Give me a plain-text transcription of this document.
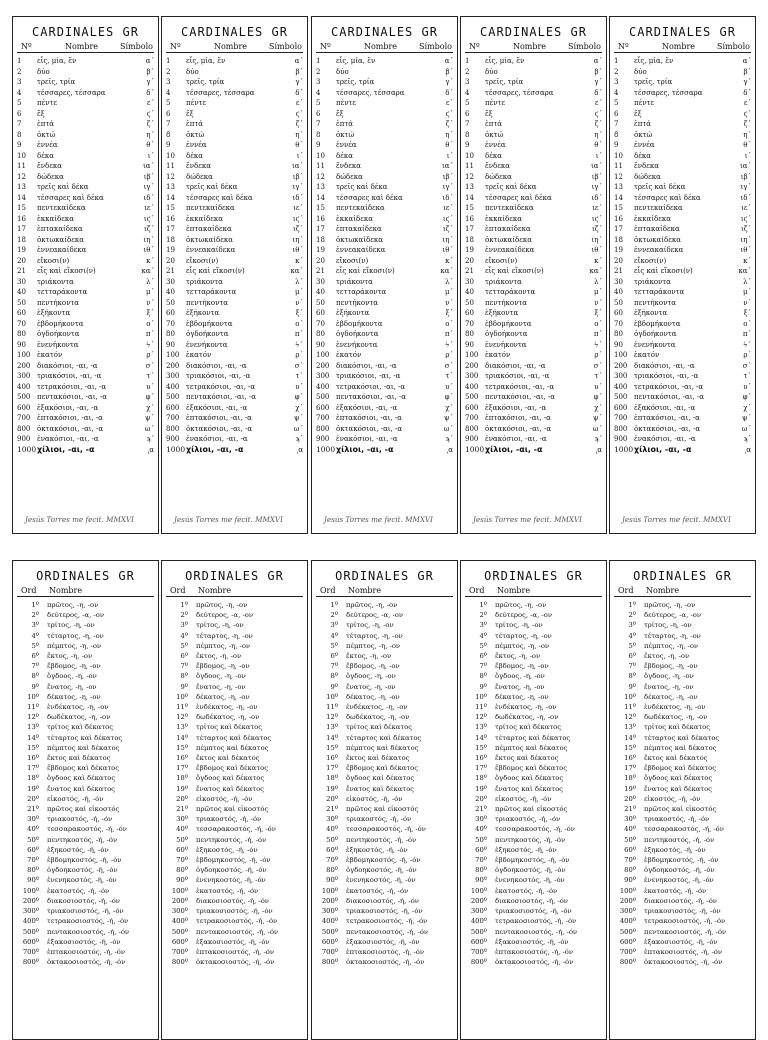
CARDINALES GR
Nº	Nombre	Símbolo
1	εἷς, μία, ἕν	α´
2	δύο	β´
3	τρεῖς, τρία	γ´
4	τέσσαρες, τέσσαρα	δ´
5	πέντε	ε´
6	ἕξ	ϛ´
7	ἑπτά	ζ´
8	ὀκτώ	η´
9	ἐννέα	θ´
10	δέκα	ι´
11	ἕνδεκα	ια´
12	δώδεκα	ιβ´
13	τρεῖς καὶ δέκα	ιγ´
14	τέσσαρες καὶ δέκα	ιδ´
15	πεντεκαίδεκα	ιε´
16	ἑκκαίδεκα	ιϛ´
17	ἑπτακαίδεκα	ιζ´
18	ὀκτωκαίδεκα	ιη´
19	ἐννεακαίδεκα	ιθ´
20	εἴκοσι(ν)	κ´
21	εἷς καὶ εἴκοσι(ν)	κα´
30	τριάκοντα	λ´
40	τετταράκοντα	μ´
50	πεντήκοντα	ν´
60	ἑξήκοντα	ξ´
70	ἑβδομήκοντα	ο´
80	ὀγδοήκοντα	π´
90	ἐνενήκοντα	ϟ´
100 ἑκατόν	ρ´
200 διακόσιοι, -αι, -α	σ´
300 τριακόσιοι, -αι, -α	τ´
400 τετρακόσιοι, -αι, -α	υ´
500 πεντακόσιοι, -αι, -α	φ´
600 ἑξακόσιοι, -αι, -α	χ´
700 ἑπτακόσιοι, -αι, -α	ψ´
800 ὀκτακόσιοι, -αι, -α	ω´
900 ἐνακόσιοι, -αι, -α	ϡ´
1000 χίλιοι, -αι, -α	͵α
Jesús Torres me fecit. MMXVI
CARDINALES GR
Nº	Nombre	Símbolo
1	εἷς, μία, ἕν	α´
2	δύο	β´
3	τρεῖς, τρία	γ´
4	τέσσαρες, τέσσαρα	δ´
5	πέντε	ε´
6	ἕξ	ϛ´
7	ἑπτά	ζ´
8	ὀκτώ	η´
9	ἐννέα	θ´
10	δέκα	ι´
11	ἕνδεκα	ια´
12	δώδεκα	ιβ´
13	τρεῖς καὶ δέκα	ιγ´
14	τέσσαρες καὶ δέκα	ιδ´
15	πεντεκαίδεκα	ιε´
16	ἑκκαίδεκα	ιϛ´
17	ἑπτακαίδεκα	ιζ´
18	ὀκτωκαίδεκα	ιη´
19	ἐννεακαίδεκα	ιθ´
20	εἴκοσι(ν)	κ´
21	εἷς καὶ εἴκοσι(ν)	κα´
30	τριάκοντα	λ´
40	τετταράκοντα	μ´
50	πεντήκοντα	ν´
60	ἑξήκοντα	ξ´
70	ἑβδομήκοντα	ο´
80	ὀγδοήκοντα	π´
90	ἐνενήκοντα	ϟ´
100 ἑκατόν	ρ´
200 διακόσιοι, -αι, -α	σ´
300 τριακόσιοι, -αι, -α	τ´
400 τετρακόσιοι, -αι, -α	υ´
500 πεντακόσιοι, -αι, -α	φ´
600 ἑξακόσιοι, -αι, -α	χ´
700 ἑπτακόσιοι, -αι, -α	ψ´
800 ὀκτακόσιοι, -αι, -α	ω´
900 ἐνακόσιοι, -αι, -α	ϡ´
1000 χίλιοι, -αι, -α	͵α
Jesús Torres me fecit. MMXVI
CARDINALES GR
Nº	Nombre	Símbolo
1	εἷς, μία, ἕν	α´
2	δύο	β´
3	τρεῖς, τρία	γ´
4	τέσσαρες, τέσσαρα	δ´
5	πέντε	ε´
6	ἕξ	ϛ´
7	ἑπτά	ζ´
8	ὀκτώ	η´
9	ἐννέα	θ´
10	δέκα	ι´
11	ἕνδεκα	ια´
12	δώδεκα	ιβ´
13	τρεῖς καὶ δέκα	ιγ´
14	τέσσαρες καὶ δέκα	ιδ´
15	πεντεκαίδεκα	ιε´
16	ἑκκαίδεκα	ιϛ´
17	ἑπτακαίδεκα	ιζ´
18	ὀκτωκαίδεκα	ιη´
19	ἐννεακαίδεκα	ιθ´
20	εἴκοσι(ν)	κ´
21	εἷς καὶ εἴκοσι(ν)	κα´
30	τριάκοντα	λ´
40	τετταράκοντα	μ´
50	πεντήκοντα	ν´
60	ἑξήκοντα	ξ´
70	ἑβδομήκοντα	ο´
80	ὀγδοήκοντα	π´
90	ἐνενήκοντα	ϟ´
100 ἑκατόν	ρ´
200 διακόσιοι, -αι, -α	σ´
300 τριακόσιοι, -αι, -α	τ´
400 τετρακόσιοι, -αι, -α	υ´
500 πεντακόσιοι, -αι, -α	φ´
600 ἑξακόσιοι, -αι, -α	χ´
700 ἑπτακόσιοι, -αι, -α	ψ´
800 ὀκτακόσιοι, -αι, -α	ω´
900 ἐνακόσιοι, -αι, -α	ϡ´
1000 χίλιοι, -αι, -α	͵α
Jesús Torres me fecit. MMXVI
CARDINALES GR
Nº	Nombre	Símbolo
1	εἷς, μία, ἕν	α´
2	δύο	β´
3	τρεῖς, τρία	γ´
4	τέσσαρες, τέσσαρα	δ´
5	πέντε	ε´
6	ἕξ	ϛ´
7	ἑπτά	ζ´
8	ὀκτώ	η´
9	ἐννέα	θ´
10	δέκα	ι´
11	ἕνδεκα	ια´
12	δώδεκα	ιβ´
13	τρεῖς καὶ δέκα	ιγ´
14	τέσσαρες καὶ δέκα	ιδ´
15	πεντεκαίδεκα	ιε´
16	ἑκκαίδεκα	ιϛ´
17	ἑπτακαίδεκα	ιζ´
18	ὀκτωκαίδεκα	ιη´
19	ἐννεακαίδεκα	ιθ´
20	εἴκοσι(ν)	κ´
21	εἷς καὶ εἴκοσι(ν)	κα´
30	τριάκοντα	λ´
40	τετταράκοντα	μ´
50	πεντήκοντα	ν´
60	ἑξήκοντα	ξ´
70	ἑβδομήκοντα	ο´
80	ὀγδοήκοντα	π´
90	ἐνενήκοντα	ϟ´
100 ἑκατόν	ρ´
200 διακόσιοι, -αι, -α	σ´
300 τριακόσιοι, -αι, -α	τ´
400 τετρακόσιοι, -αι, -α	υ´
500 πεντακόσιοι, -αι, -α	φ´
600 ἑξακόσιοι, -αι, -α	χ´
700 ἑπτακόσιοι, -αι, -α	ψ´
800 ὀκτακόσιοι, -αι, -α	ω´
900 ἐνακόσιοι, -αι, -α	ϡ´
1000 χίλιοι, -αι, -α	͵α
Jesús Torres me fecit. MMXVI
CARDINALES GR
Nº	Nombre	Símbolo
1	εἷς, μία, ἕν	α´
2	δύο	β´
3	τρεῖς, τρία	γ´
4	τέσσαρες, τέσσαρα	δ´
5	πέντε	ε´
6	ἕξ	ϛ´
7	ἑπτά	ζ´
8	ὀκτώ	η´
9	ἐννέα	θ´
10	δέκα	ι´
11	ἕνδεκα	ια´
12	δώδεκα	ιβ´
13	τρεῖς καὶ δέκα	ιγ´
14	τέσσαρες καὶ δέκα	ιδ´
15	πεντεκαίδεκα	ιε´
16	ἑκκαίδεκα	ιϛ´
17	ἑπτακαίδεκα	ιζ´
18	ὀκτωκαίδεκα	ιη´
19	ἐννεακαίδεκα	ιθ´
20	εἴκοσι(ν)	κ´
21	εἷς καὶ εἴκοσι(ν)	κα´
30	τριάκοντα	λ´
40	τετταράκοντα	μ´
50	πεντήκοντα	ν´
60	ἑξήκοντα	ξ´
70	ἑβδομήκοντα	ο´
80	ὀγδοήκοντα	π´
90	ἐνενήκοντα	ϟ´
100 ἑκατόν	ρ´
200 διακόσιοι, -αι, -α	σ´
300 τριακόσιοι, -αι, -α	τ´
400 τετρακόσιοι, -αι, -α	υ´
500 πεντακόσιοι, -αι, -α	φ´
600 ἑξακόσιοι, -αι, -α	χ´
700 ἑπτακόσιοι, -αι, -α	ψ´
800 ὀκτακόσιοι, -αι, -α	ω´
900 ἐνακόσιοι, -αι, -α	ϡ´
1000 χίλιοι, -αι, -α	͵α
Jesús Torres me fecit. MMXVI
ORDINALES GR
Ord	Nombre
1º	πρῶτος, -η, -ον
2º	δεύτερος, -α, -ον
3º	τρίτος, -η, -ον
4º	τέταρτος, -η, -ον
5º	πέμπτος, -η, -ον
6º	ἕκτος, -η, -ον
7º	ἕβδομος, -η, -ον
8º	ὄγδοος, -η, -ον
9º	ἔνατος, -η, -ον
10º	δέκατος, -η, -ον
11º	ἑνδέκατος, -η, -ον
12º	δωδέκατος, -η, -ον
13º	τρίτος καὶ δέκατος
14º	τέταρτος καὶ δέκατος
15º	πέμπτος καὶ δέκατος
16º	ἕκτος καὶ δέκατος
17º	ἕβδομος καὶ δέκατος
18º	ὄγδοος καὶ δέκατος
19º	ἔνατος καὶ δέκατος
20º	εἰκοστός, -ή, -όν
21º	πρῶτος καὶ εἰκοστός
30º	τριακοστός, -ή, -όν
40º	τεσσαρακοστός, -ή, -όν
50º	πεντηκοστός, -ή, -όν
60º	ἑξηκοστός, -ή, -όν
70º	ἑβδομηκοστός, -ή, -όν
80º	ὀγδοηκοστός, -ή, -όν
90º	ἐνενηκοστός, -ή, -όν
100º	ἑκατοστός, -ή, -όν
200º	διακοσιοστός, -ή, -όν
300º	τριακοσιοστός, -ή, -όν
400º	τετρακοσιοστός, -ή, -όν
500º	πεντακοσιοστός, -ή, -όν
600º	ἑξακοσιοστός, -ή, -όν
700º	ἑπτακοσιοστός, -ή, -όν
800º	ὀκτακοσιοστός, -ή, -όν
ORDINALES GR
Ord	Nombre
1º	πρῶτος, -η, -ον
2º	δεύτερος, -α, -ον
3º	τρίτος, -η, -ον
4º	τέταρτος, -η, -ον
5º	πέμπτος, -η, -ον
6º	ἕκτος, -η, -ον
7º	ἕβδομος, -η, -ον
8º	ὄγδοος, -η, -ον
9º	ἔνατος, -η, -ον
10º	δέκατος, -η, -ον
11º	ἑνδέκατος, -η, -ον
12º	δωδέκατος, -η, -ον
13º	τρίτος καὶ δέκατος
14º	τέταρτος καὶ δέκατος
15º	πέμπτος καὶ δέκατος
16º	ἕκτος καὶ δέκατος
17º	ἕβδομος καὶ δέκατος
18º	ὄγδοος καὶ δέκατος
19º	ἔνατος καὶ δέκατος
20º	εἰκοστός, -ή, -όν
21º	πρῶτος καὶ εἰκοστός
30º	τριακοστός, -ή, -όν
40º	τεσσαρακοστός, -ή, -όν
50º	πεντηκοστός, -ή, -όν
60º	ἑξηκοστός, -ή, -όν
70º	ἑβδομηκοστός, -ή, -όν
80º	ὀγδοηκοστός, -ή, -όν
90º	ἐνενηκοστός, -ή, -όν
100º	ἑκατοστός, -ή, -όν
200º	διακοσιοστός, -ή, -όν
300º	τριακοσιοστός, -ή, -όν
400º	τετρακοσιοστός, -ή, -όν
500º	πεντακοσιοστός, -ή, -όν
600º	ἑξακοσιοστός, -ή, -όν
700º	ἑπτακοσιοστός, -ή, -όν
800º	ὀκτακοσιοστός, -ή, -όν
ORDINALES GR
Ord	Nombre
1º	πρῶτος, -η, -ον
2º	δεύτερος, -α, -ον
3º	τρίτος, -η, -ον
4º	τέταρτος, -η, -ον
5º	πέμπτος, -η, -ον
6º	ἕκτος, -η, -ον
7º	ἕβδομος, -η, -ον
8º	ὄγδοος, -η, -ον
9º	ἔνατος, -η, -ον
10º	δέκατος, -η, -ον
11º	ἑνδέκατος, -η, -ον
12º	δωδέκατος, -η, -ον
13º	τρίτος καὶ δέκατος
14º	τέταρτος καὶ δέκατος
15º	πέμπτος καὶ δέκατος
16º	ἕκτος καὶ δέκατος
17º	ἕβδομος καὶ δέκατος
18º	ὄγδοος καὶ δέκατος
19º	ἔνατος καὶ δέκατος
20º	εἰκοστός, -ή, -όν
21º	πρῶτος καὶ εἰκοστός
30º	τριακοστός, -ή, -όν
40º	τεσσαρακοστός, -ή, -όν
50º	πεντηκοστός, -ή, -όν
60º	ἑξηκοστός, -ή, -όν
70º	ἑβδομηκοστός, -ή, -όν
80º	ὀγδοηκοστός, -ή, -όν
90º	ἐνενηκοστός, -ή, -όν
100º	ἑκατοστός, -ή, -όν
200º	διακοσιοστός, -ή, -όν
300º	τριακοσιοστός, -ή, -όν
400º	τετρακοσιοστός, -ή, -όν
500º	πεντακοσιοστός, -ή, -όν
600º	ἑξακοσιοστός, -ή, -όν
700º	ἑπτακοσιοστός, -ή, -όν
800º	ὀκτακοσιοστός, -ή, -όν
ORDINALES GR
Ord	Nombre
1º	πρῶτος, -η, -ον
2º	δεύτερος, -α, -ον
3º	τρίτος, -η, -ον
4º	τέταρτος, -η, -ον
5º	πέμπτος, -η, -ον
6º	ἕκτος, -η, -ον
7º	ἕβδομος, -η, -ον
8º	ὄγδοος, -η, -ον
9º	ἔνατος, -η, -ον
10º	δέκατος, -η, -ον
11º	ἑνδέκατος, -η, -ον
12º	δωδέκατος, -η, -ον
13º	τρίτος καὶ δέκατος
14º	τέταρτος καὶ δέκατος
15º	πέμπτος καὶ δέκατος
16º	ἕκτος καὶ δέκατος
17º	ἕβδομος καὶ δέκατος
18º	ὄγδοος καὶ δέκατος
19º	ἔνατος καὶ δέκατος
20º	εἰκοστός, -ή, -όν
21º	πρῶτος καὶ εἰκοστός
30º	τριακοστός, -ή, -όν
40º	τεσσαρακοστός, -ή, -όν
50º	πεντηκοστός, -ή, -όν
60º	ἑξηκοστός, -ή, -όν
70º	ἑβδομηκοστός, -ή, -όν
80º	ὀγδοηκοστός, -ή, -όν
90º	ἐνενηκοστός, -ή, -όν
100º	ἑκατοστός, -ή, -όν
200º	διακοσιοστός, -ή, -όν
300º	τριακοσιοστός, -ή, -όν
400º	τετρακοσιοστός, -ή, -όν
500º	πεντακοσιοστός, -ή, -όν
600º	ἑξακοσιοστός, -ή, -όν
700º	ἑπτακοσιοστός, -ή, -όν
800º	ὀκτακοσιοστός, -ή, -όν
ORDINALES GR
Ord	Nombre
1º	πρῶτος, -η, -ον
2º	δεύτερος, -α, -ον
3º	τρίτος, -η, -ον
4º	τέταρτος, -η, -ον
5º	πέμπτος, -η, -ον
6º	ἕκτος, -η, -ον
7º	ἕβδομος, -η, -ον
8º	ὄγδοος, -η, -ον
9º	ἔνατος, -η, -ον
10º	δέκατος, -η, -ον
11º	ἑνδέκατος, -η, -ον
12º	δωδέκατος, -η, -ον
13º	τρίτος καὶ δέκατος
14º	τέταρτος καὶ δέκατος
15º	πέμπτος καὶ δέκατος
16º	ἕκτος καὶ δέκατος
17º	ἕβδομος καὶ δέκατος
18º	ὄγδοος καὶ δέκατος
19º	ἔνατος καὶ δέκατος
20º	εἰκοστός, -ή, -όν
21º	πρῶτος καὶ εἰκοστός
30º	τριακοστός, -ή, -όν
40º	τεσσαρακοστός, -ή, -όν
50º	πεντηκοστός, -ή, -όν
60º	ἑξηκοστός, -ή, -όν
70º	ἑβδομηκοστός, -ή, -όν
80º	ὀγδοηκοστός, -ή, -όν
90º	ἐνενηκοστός, -ή, -όν
100º	ἑκατοστός, -ή, -όν
200º	διακοσιοστός, -ή, -όν
300º	τριακοσιοστός, -ή, -όν
400º	τετρακοσιοστός, -ή, -όν
500º	πεντακοσιοστός, -ή, -όν
600º	ἑξακοσιοστός, -ή, -όν
700º	ἑπτακοσιοστός, -ή, -όν
800º	ὀκτακοσιοστός, -ή, -όν
